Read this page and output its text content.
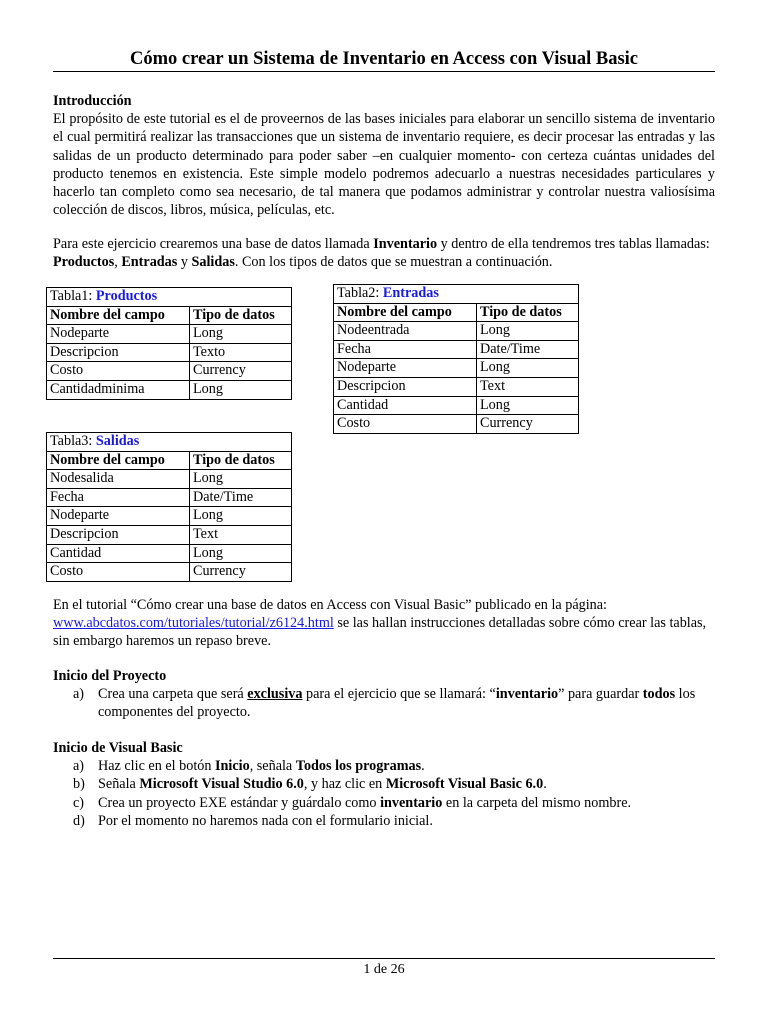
Cómo crear un Sistema de Inventario en Access con Visual Basic
Introducción
El propósito de este tutorial es el de proveernos de las bases iniciales para elaborar un sencillo sistema de inventario el cual permitirá realizar las transacciones que un sistema de inventario requiere, es decir procesar las entradas y las salidas de un producto determinado para poder saber –en cualquier momento- con certeza cuántas unidades del producto tenemos en existencia. Este simple modelo podremos adecuarlo a nuestras necesidades particulares y hacerlo tan completo como sea necesario, de tal manera que podamos administrar y controlar nuestra valiosísima colección de discos, libros, música, películas, etc.
Para este ejercicio crearemos una base de datos llamada Inventario y dentro de ella tendremos tres tablas llamadas: Productos, Entradas y Salidas. Con los tipos de datos que se muestran a continuación.
Tabla1: Productos	
Nombre del campo	Tipo de datos
Nodeparte	Long
Descripcion	Texto
Costo	Currency
Cantidadminima	Long
Tabla2: Entradas	
Nombre del campo	Tipo de datos
Nodeentrada	Long
Fecha	Date/Time
Nodeparte	Long
Descripcion	Text
Cantidad	Long
Costo	Currency
Tabla3: Salidas	
Nombre del campo	Tipo de datos
Nodesalida	Long
Fecha	Date/Time
Nodeparte	Long
Descripcion	Text
Cantidad	Long
Costo	Currency
En el tutorial “Cómo crear una base de datos en Access con Visual Basic” publicado en la página: www.abcdatos.com/tutoriales/tutorial/z6124.html se las hallan instrucciones detalladas sobre cómo crear las tablas, sin embargo haremos un repaso breve.
Inicio del Proyecto
a) Crea una carpeta que será exclusiva para el ejercicio que se llamará: “inventario” para guardar todos los componentes del proyecto.
Inicio de Visual Basic
a) Haz clic en el botón Inicio, señala Todos los programas.
b) Señala Microsoft Visual Studio 6.0, y haz clic en Microsoft Visual Basic 6.0.
c) Crea un proyecto EXE estándar y guárdalo como inventario en la carpeta del mismo nombre.
d) Por el momento no haremos nada con el formulario inicial.
1 de 26
